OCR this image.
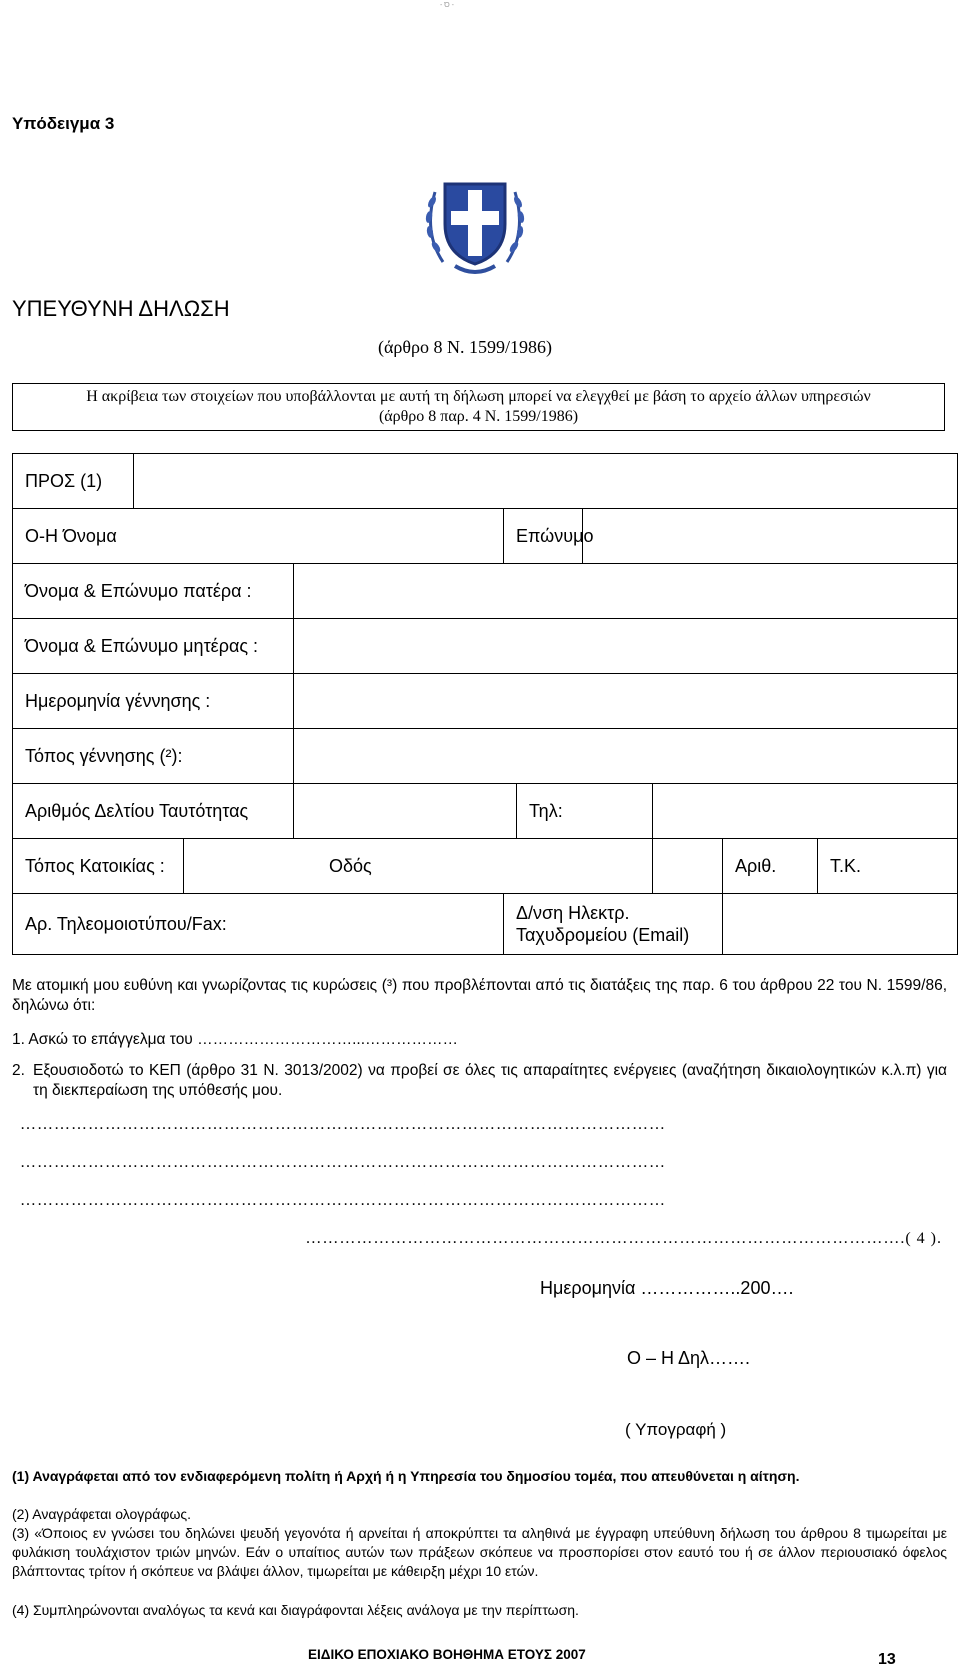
- Ό -
Υπόδειγμα 3
ΥΠΕΥΘΥΝΗ ΔΗΛΩΣΗ
(άρθρο 8 Ν. 1599/1986)
Η ακρίβεια των στοιχείων που υποβάλλονται με αυτή τη δήλωση μπορεί να ελεγχθεί με βάση το αρχείο άλλων υπηρεσιών
(άρθρο 8 παρ. 4 Ν. 1599/1986)
ΠΡΟΣ (1)									
Ο-Η Όνομα				Επώνυμο					
Όνομα & Επώνυμο πατέρα :									
Όνομα & Επώνυμο μητέρας :									
Ημερομηνία γέννησης :									
Τόπος γέννησης (²):									
Αριθμός Δελτίου Ταυτότητας					Τηλ:				
Τόπος Κατοικίας :		Οδός						Αριθ.	Τ.Κ.
Αρ. Τηλεομοιοτύπου/Fax:				Δ/νση Ηλεκτρ.
Ταχυδρομείου (Email)					

Με ατομική μου ευθύνη και γνωρίζοντας τις κυρώσεις (³) που προβλέπονται από τις διατάξεις της παρ. 6 του άρθρου 22 του Ν. 1599/86, δηλώνω ότι:
1. Ασκώ το επάγγελμα του …………………………...………………
2. Εξουσιοδοτώ το ΚΕΠ (άρθρο 31 Ν. 3013/2002) να προβεί σε όλες τις απαραίτητες ενέργειες (αναζήτηση δικαιολογητικών κ.λ.π) για τη διεκπεραίωση της υπόθεσής μου.
……………………………………………………………………………………………………
……………………………………………………………………………………………………
……………………………………………………………………………………………………
…………………………………………………………………………………………….( 4 ).
Ημερομηνία ……………..200….
Ο – Η Δηλ…….
( Υπογραφή )
(1) Αναγράφεται από τον ενδιαφερόμενη πολίτη ή Αρχή ή η Υπηρεσία του δημοσίου τομέα, που απευθύνεται η αίτηση.
(2) Αναγράφεται ολογράφως.
(3) «Όποιος εν γνώσει του δηλώνει ψευδή γεγονότα ή αρνείται ή αποκρύπτει τα αληθινά με έγγραφη υπεύθυνη δήλωση του άρθρου 8 τιμωρείται με φυλάκιση τουλάχιστον τριών μηνών. Εάν ο υπαίτιος αυτών των πράξεων σκόπευε να προσπορίσει στον εαυτό του ή σε άλλον περιουσιακό όφελος βλάπτοντας τρίτον ή σκόπευε να βλάψει άλλον, τιμωρείται με κάθειρξη μέχρι 10 ετών.
(4) Συμπληρώνονται αναλόγως τα κενά και διαγράφονται λέξεις ανάλογα με την περίπτωση.
ΕΙΔΙΚΟ ΕΠΟΧΙΑΚΟ ΒΟΗΘΗΜΑ ΕΤΟΥΣ 2007	13
